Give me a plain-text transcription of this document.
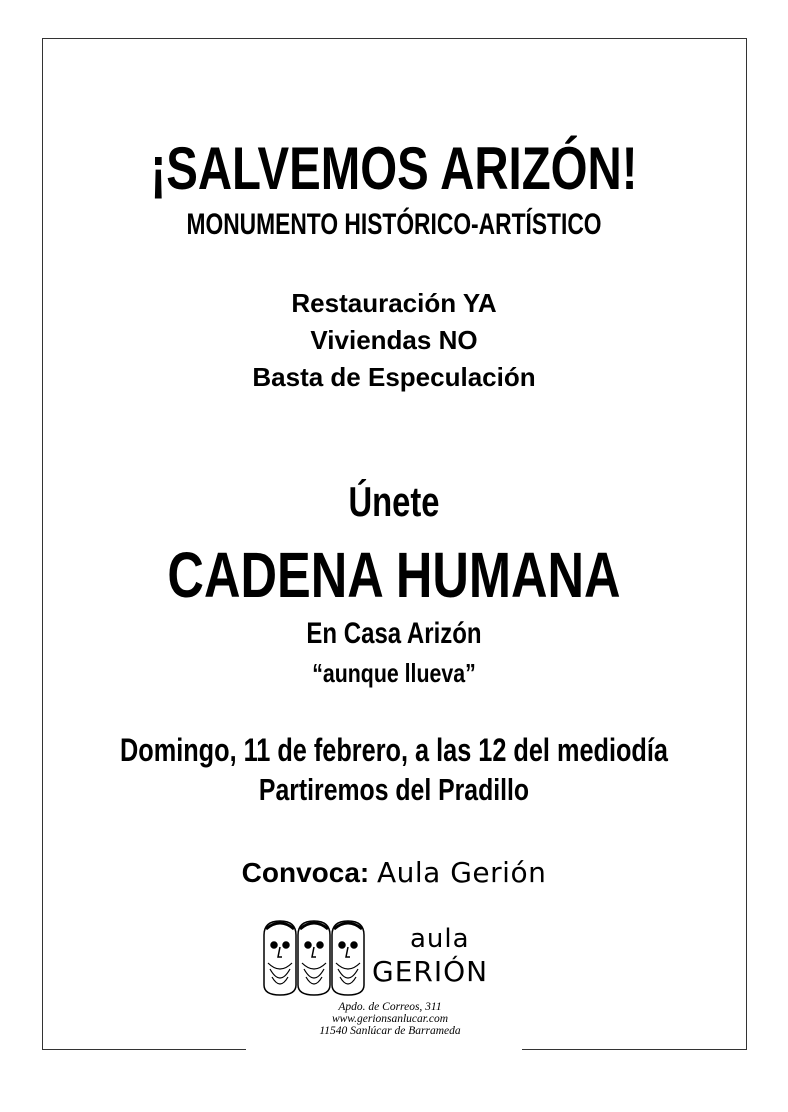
¡SALVEMOS ARIZÓN!
MONUMENTO HISTÓRICO-ARTÍSTICO
Restauración YA
Viviendas NO
Basta de Especulación
Únete
CADENA HUMANA
En Casa Arizón
“aunque llueva”
Domingo, 11 de febrero, a las 12 del mediodía
Partiremos del Pradillo
Convoca: Aula Gerión
aula
GERIÓN
Apdo. de Correos, 311
www.gerionsanlucar.com
11540 Sanlúcar de Barrameda
